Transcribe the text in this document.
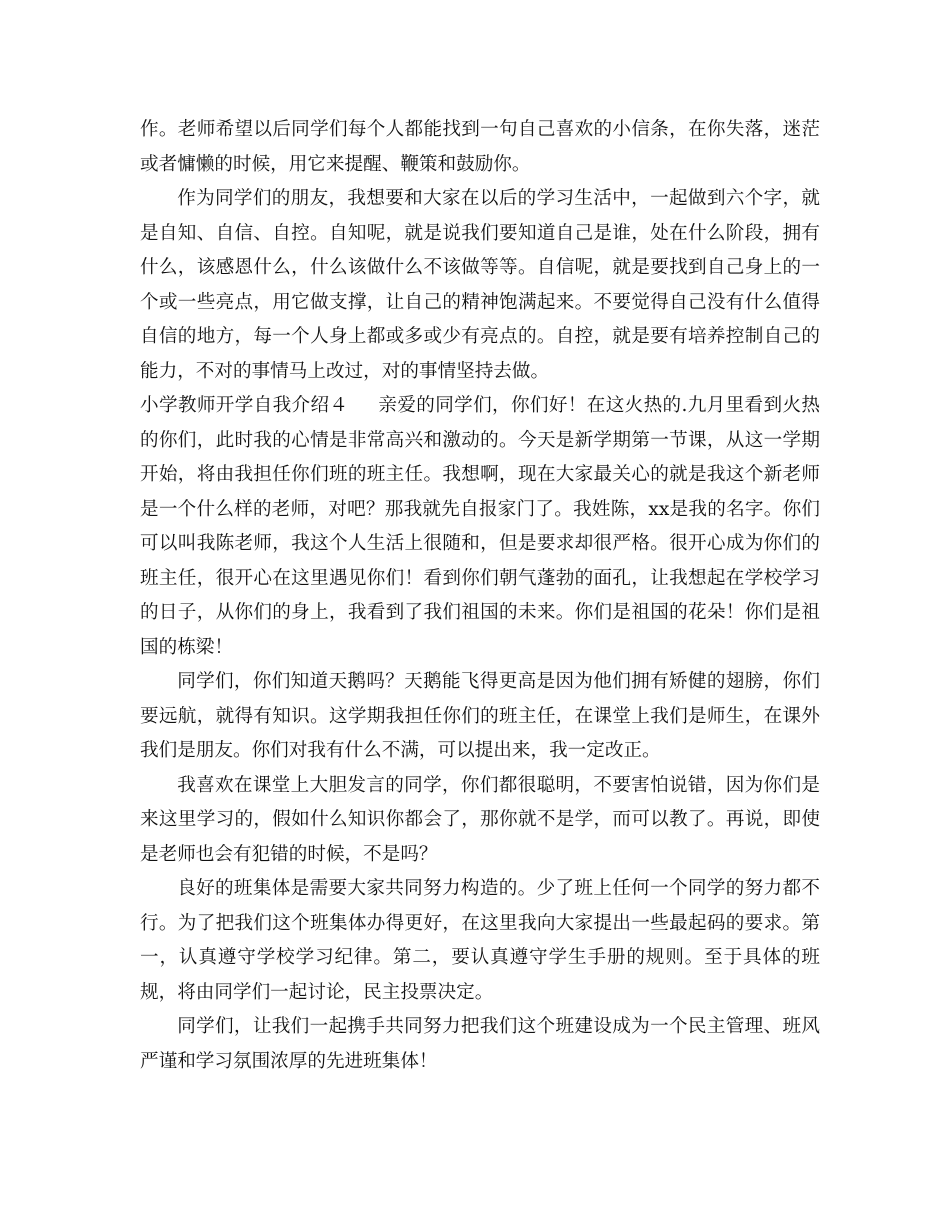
作。老师希望以后同学们每个人都能找到一句自己喜欢的小信条，在你失落，迷茫或者慵懒的时候，用它来提醒、鞭策和鼓励你。

作为同学们的朋友，我想要和大家在以后的学习生活中，一起做到六个字，就是自知、自信、自控。自知呢，就是说我们要知道自己是谁，处在什么阶段，拥有什么，该感恩什么，什么该做什么不该做等等。自信呢，就是要找到自己身上的一个或一些亮点，用它做支撑，让自己的精神饱满起来。不要觉得自己没有什么值得自信的地方，每一个人身上都或多或少有亮点的。自控，就是要有培养控制自己的能力，不对的事情马上改过，对的事情坚持去做。

小学教师开学自我介绍４ 亲爱的同学们，你们好！在这火热的.九月里看到火热的你们，此时我的心情是非常高兴和激动的。今天是新学期第一节课，从这一学期开始，将由我担任你们班的班主任。我想啊，现在大家最关心的就是我这个新老师是一个什么样的老师，对吧？那我就先自报家门了。我姓陈，xx是我的名字。你们可以叫我陈老师，我这个人生活上很随和，但是要求却很严格。很开心成为你们的班主任，很开心在这里遇见你们！看到你们朝气蓬勃的面孔，让我想起在学校学习的日子，从你们的身上，我看到了我们祖国的未来。你们是祖国的花朵！你们是祖国的栋梁！

同学们，你们知道天鹅吗？天鹅能飞得更高是因为他们拥有矫健的翅膀，你们要远航，就得有知识。这学期我担任你们的班主任，在课堂上我们是师生，在课外我们是朋友。你们对我有什么不满，可以提出来，我一定改正。

我喜欢在课堂上大胆发言的同学，你们都很聪明，不要害怕说错，因为你们是来这里学习的，假如什么知识你都会了，那你就不是学，而可以教了。再说，即使是老师也会有犯错的时候，不是吗？

良好的班集体是需要大家共同努力构造的。少了班上任何一个同学的努力都不行。为了把我们这个班集体办得更好，在这里我向大家提出一些最起码的要求。第一，认真遵守学校学习纪律。第二，要认真遵守学生手册的规则。至于具体的班规，将由同学们一起讨论，民主投票决定。

同学们，让我们一起携手共同努力把我们这个班建设成为一个民主管理、班风严谨和学习氛围浓厚的先进班集体！
